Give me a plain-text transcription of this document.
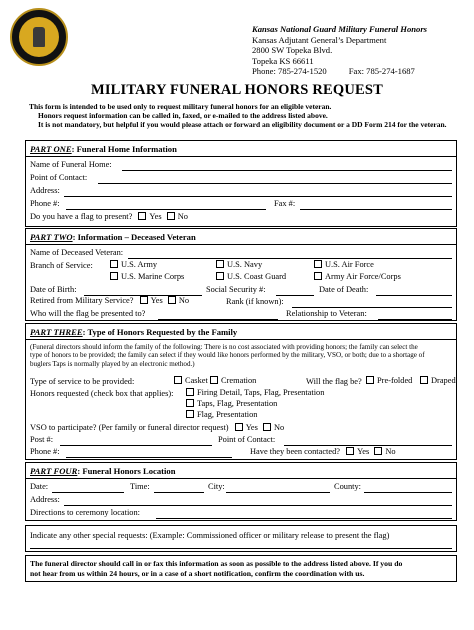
Kansas National Guard Military Funeral Honors
Kansas Adjutant General’s Department
2800 SW Topeka Blvd.
Topeka KS 66611
Phone: 785-274-1520	Fax: 785-274-1687
MILITARY FUNERAL HONORS REQUEST
This form is intended to be used only to request military funeral honors for an eligible veteran.
Honors request information can be called in, faxed, or e-mailed to the address listed above.
It is not mandatory, but helpful if you would please attach or forward an eligibility document or a DD Form 214 for the veteran.
PART ONE: Funeral Home Information
Name of Funeral Home:
Point of Contact:
Address:
Phone #:	Fax #:
Do you have a flag to present? Yes No
PART TWO: Information – Deceased Veteran
Name of Deceased Veteran:
Branch of Service:	U.S. Army	U.S. Navy	U.S. Air Force
U.S. Marine Corps	U.S. Coast Guard	Army Air Force/Corps
Date of Birth:	Social Security #:	Date of Death:
Retired from Military Service? Yes No	Rank (if known):
Who will the flag be presented to?	Relationship to Veteran:
PART THREE: Type of Honors Requested by the Family
(Funeral directors should inform the family of the following: There is no cost associated with providing honors; the family can select the
type of honors to be provided; the family can select if they would like honors performed by the military, VSO, or both; due to a shortage of
buglers Taps is normally played by an electronic method.)
Type of service to be provided:	Casket	Cremation	Will the flag be?	Pre-folded	Draped
Honors requested (check box that applies):	Firing Detail, Taps, Flag, Presentation
Taps, Flag, Presentation
Flag, Presentation
VSO to participate? (Per family or funeral director request) Yes No
Post #:	Point of Contact:
Phone #:	Have they been contacted? Yes No
PART FOUR: Funeral Honors Location
Date:	Time:	City:	County:
Address:
Directions to ceremony location:
Indicate any other special requests: (Example: Commissioned officer or military release to present the flag)
The funeral director should call in or fax this information as soon as possible to the address listed above. If you do
not hear from us within 24 hours, or in a case of a short notification, confirm the coordination with us.
